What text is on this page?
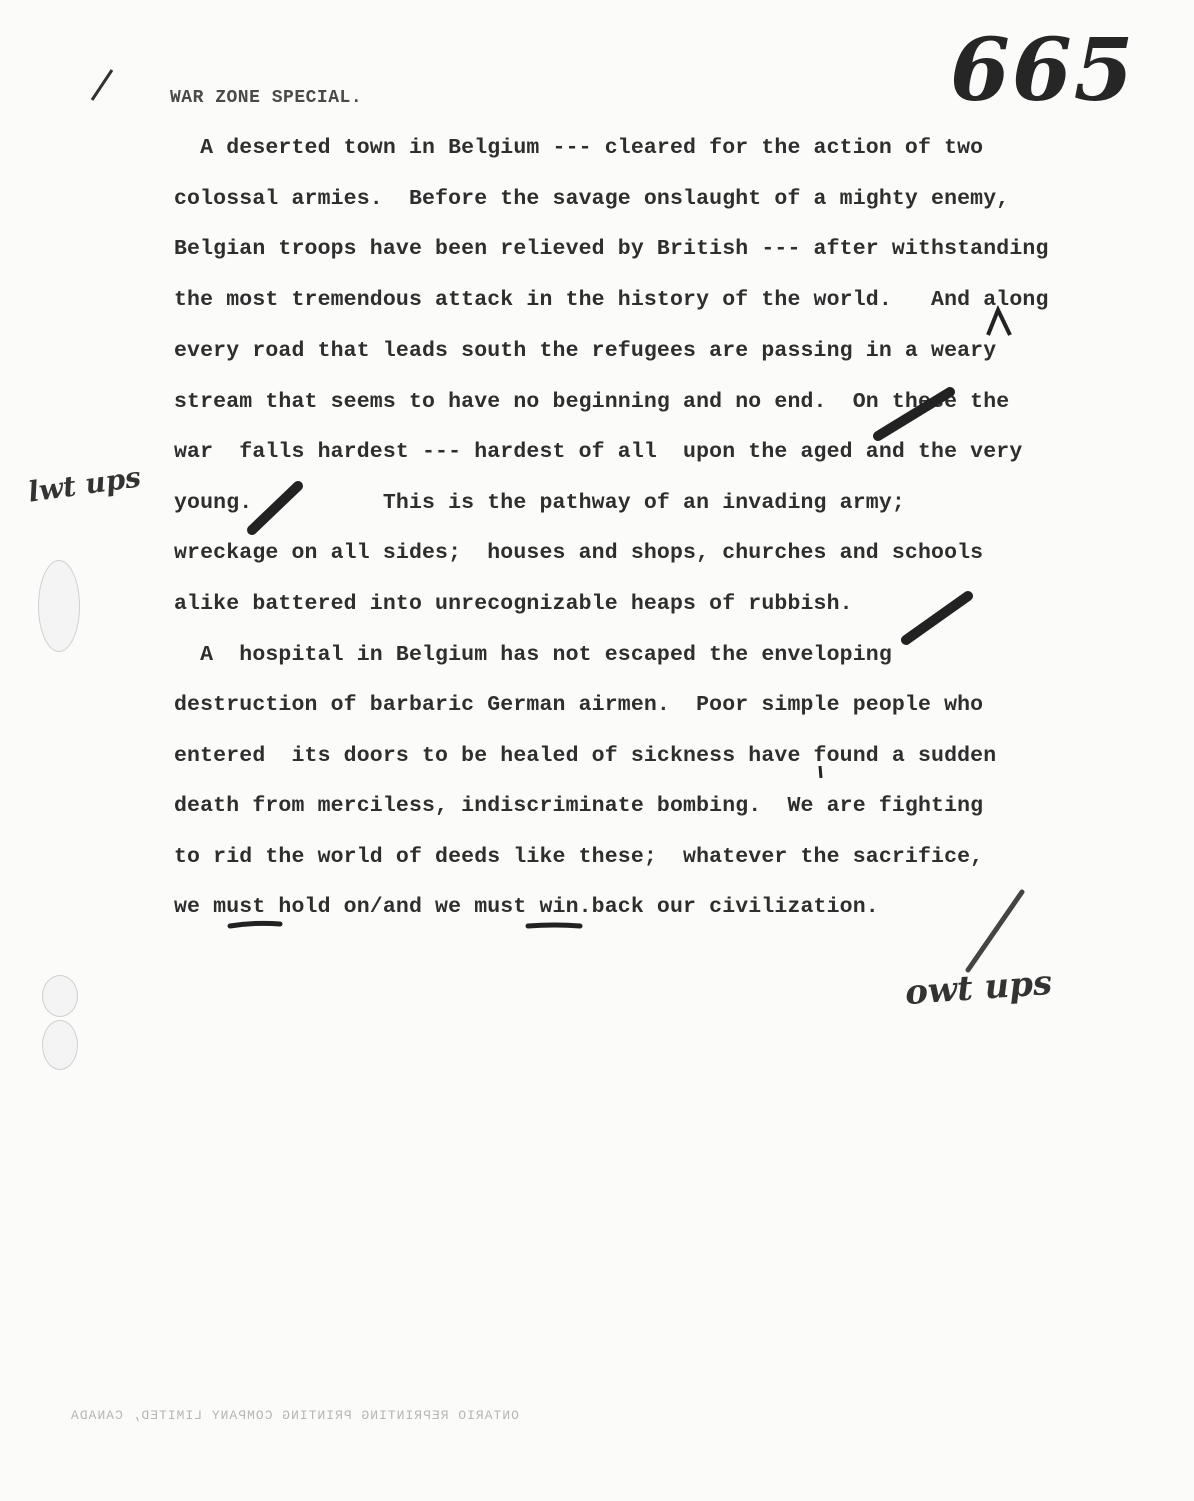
WAR ZONE SPECIAL.	665
A deserted town in Belgium --- cleared for the action of two
colossal armies.  Before the savage onslaught of a mighty enemy,
Belgian troops have been relieved by British --- after withstanding
the most tremendous attack in the history of the world.   And along
every road that leads south the refugees are passing in a weary
stream that seems to have no beginning and no end.  On these the
war  falls hardest --- hardest of all  upon the aged and the very
young.          This is the pathway of an invading army;
wreckage on all sides;  houses and shops, churches and schools
alike battered into unrecognizable heaps of rubbish.
A  hospital in Belgium has not escaped the enveloping
destruction of barbaric German airmen.  Poor simple people who
entered  its doors to be healed of sickness have found a sudden
death from merciless, indiscriminate bombing.  We are fighting
to rid the world of deeds like these;  whatever the sacrifice,
we must hold on/and we must win.back our civilization.
lwt ups
owt ups
ONTARIO REPRINTING PRINTING COMPANY LIMITED, CANADA
